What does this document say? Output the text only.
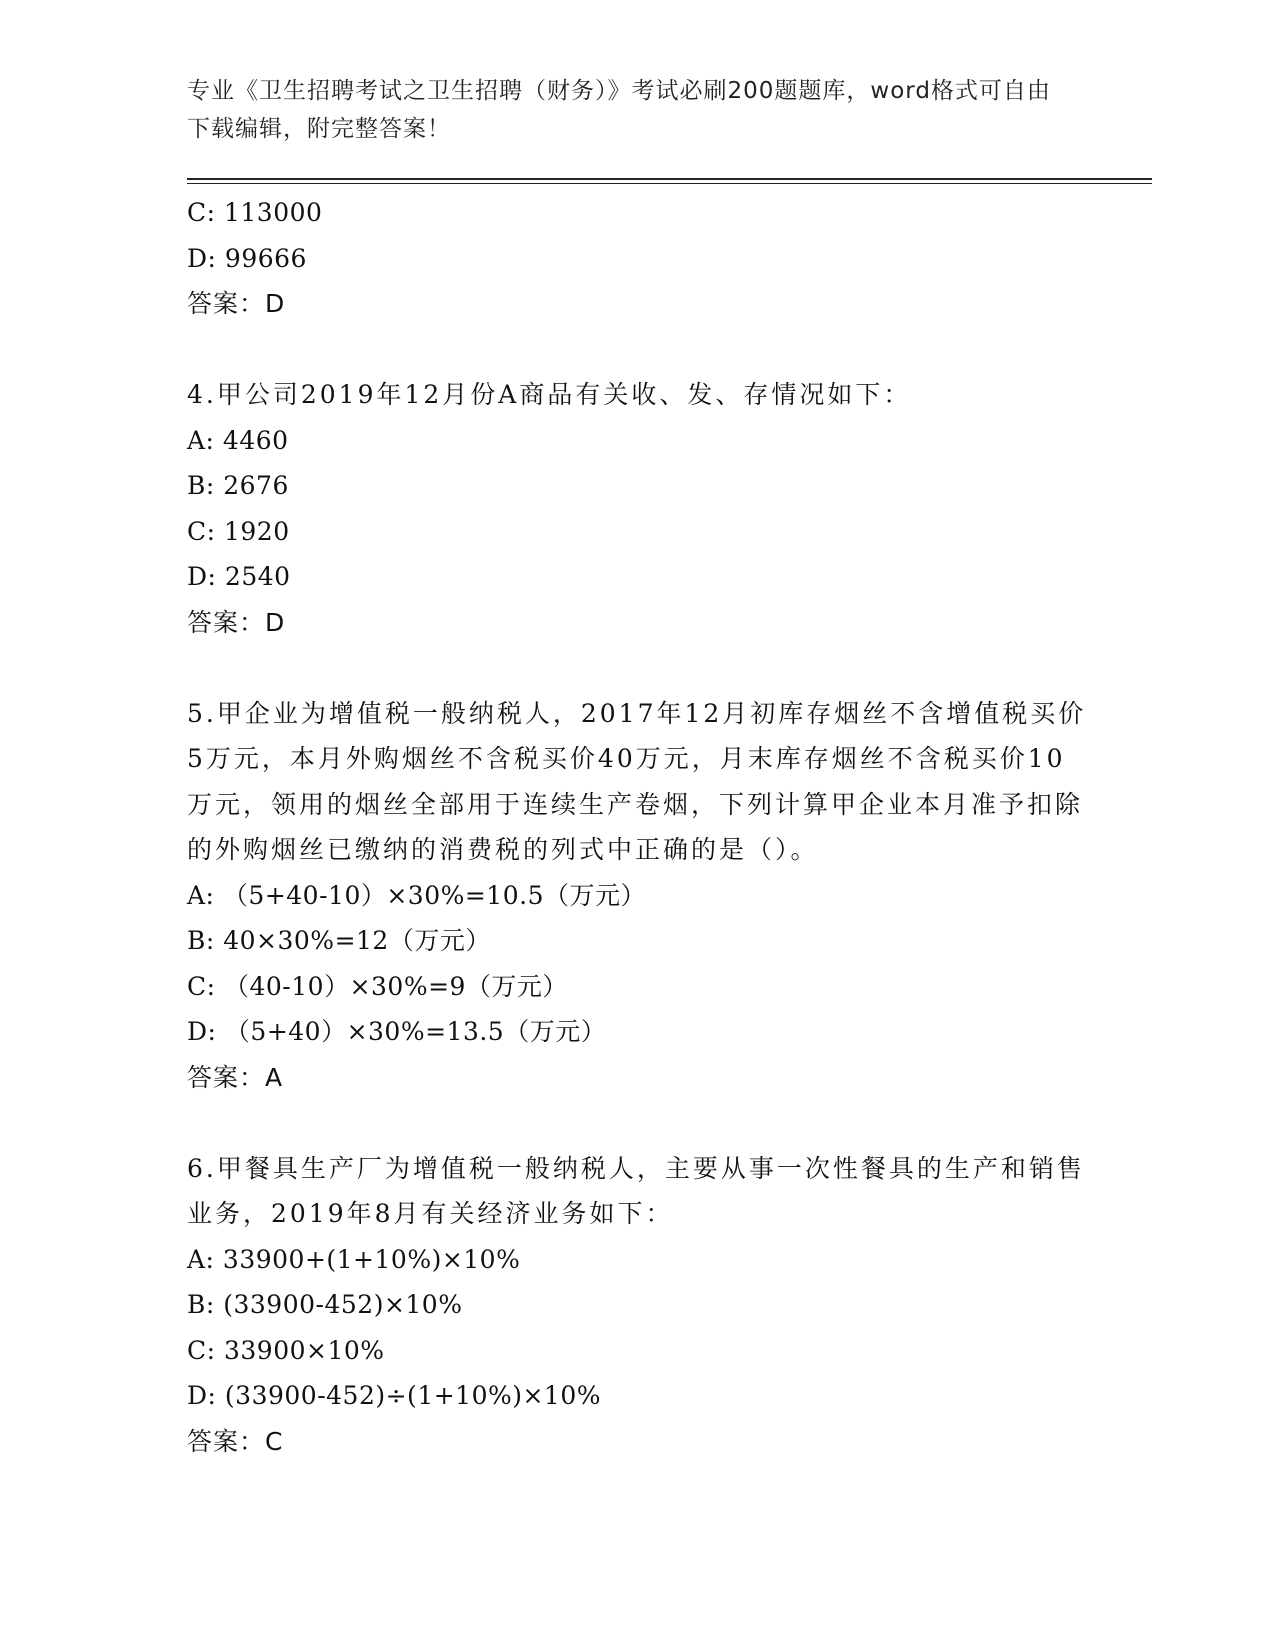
专业《卫生招聘考试之卫生招聘（财务）》考试必刷200题题库，word格式可自由下载编辑，附完整答案！
C: 113000
D: 99666
答案：D
4.甲公司2019年12月份A商品有关收、发、存情况如下：
A: 4460
B: 2676
C: 1920
D: 2540
答案：D
5.甲企业为增值税一般纳税人，2017年12月初库存烟丝不含增值税买价5万元，本月外购烟丝不含税买价40万元，月末库存烟丝不含税买价10万元，领用的烟丝全部用于连续生产卷烟，下列计算甲企业本月准予扣除的外购烟丝已缴纳的消费税的列式中正确的是（）。
A: （5+40-10）×30%=10.5（万元）
B: 40×30%=12（万元）
C: （40-10）×30%=9（万元）
D: （5+40）×30%=13.5（万元）
答案：A
6.甲餐具生产厂为增值税一般纳税人，主要从事一次性餐具的生产和销售业务，2019年8月有关经济业务如下：
A: 33900+(1+10%)×10%
B: (33900-452)×10%
C: 33900×10%
D: (33900-452)÷(1+10%)×10%
答案：C
